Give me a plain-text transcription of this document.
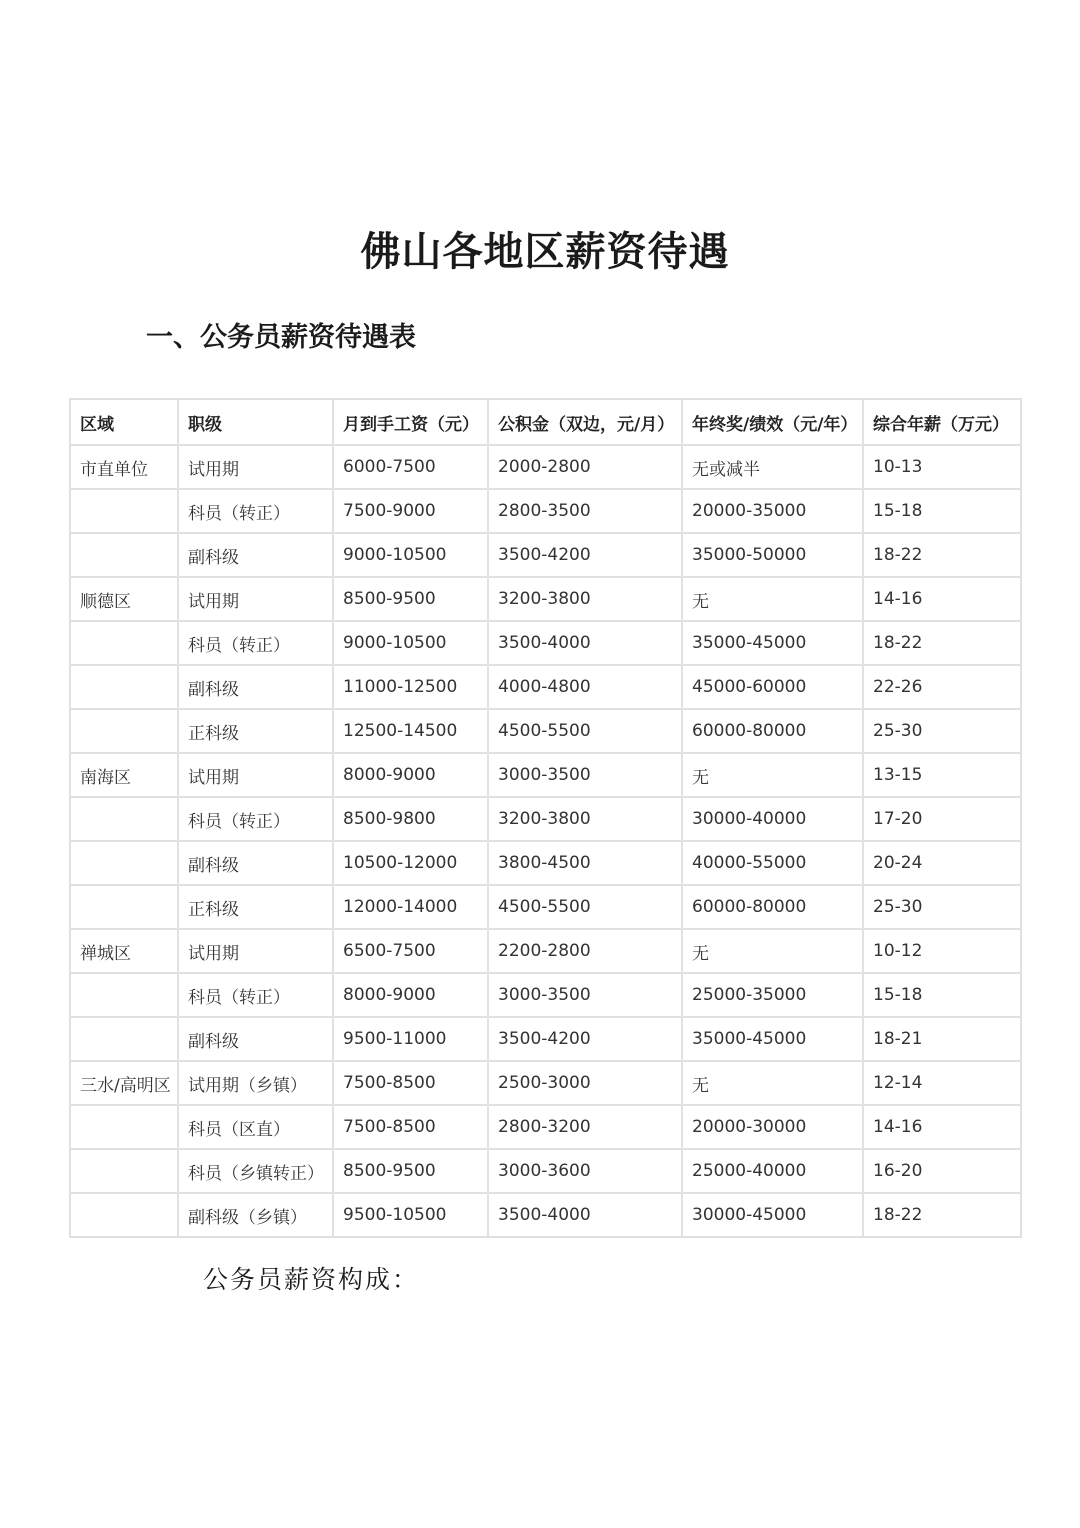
佛山各地区薪资待遇
一、公务员薪资待遇表
区域	职级	月到手工资（元）	公积金（双边，元/月）	年终奖/绩效（元/年）	综合年薪（万元）
市直单位	试用期	6000-7500	2000-2800	无或减半	10-13
	科员（转正）	7500-9000	2800-3500	20000-35000	15-18
	副科级	9000-10500	3500-4200	35000-50000	18-22
顺德区	试用期	8500-9500	3200-3800	无	14-16
	科员（转正）	9000-10500	3500-4000	35000-45000	18-22
	副科级	11000-12500	4000-4800	45000-60000	22-26
	正科级	12500-14500	4500-5500	60000-80000	25-30
南海区	试用期	8000-9000	3000-3500	无	13-15
	科员（转正）	8500-9800	3200-3800	30000-40000	17-20
	副科级	10500-12000	3800-4500	40000-55000	20-24
	正科级	12000-14000	4500-5500	60000-80000	25-30
禅城区	试用期	6500-7500	2200-2800	无	10-12
	科员（转正）	8000-9000	3000-3500	25000-35000	15-18
	副科级	9500-11000	3500-4200	35000-45000	18-21
三水/高明区	试用期（乡镇）	7500-8500	2500-3000	无	12-14
	科员（区直）	7500-8500	2800-3200	20000-30000	14-16
	科员（乡镇转正）	8500-9500	3000-3600	25000-40000	16-20
	副科级（乡镇）	9500-10500	3500-4000	30000-45000	18-22

公务员薪资构成：
